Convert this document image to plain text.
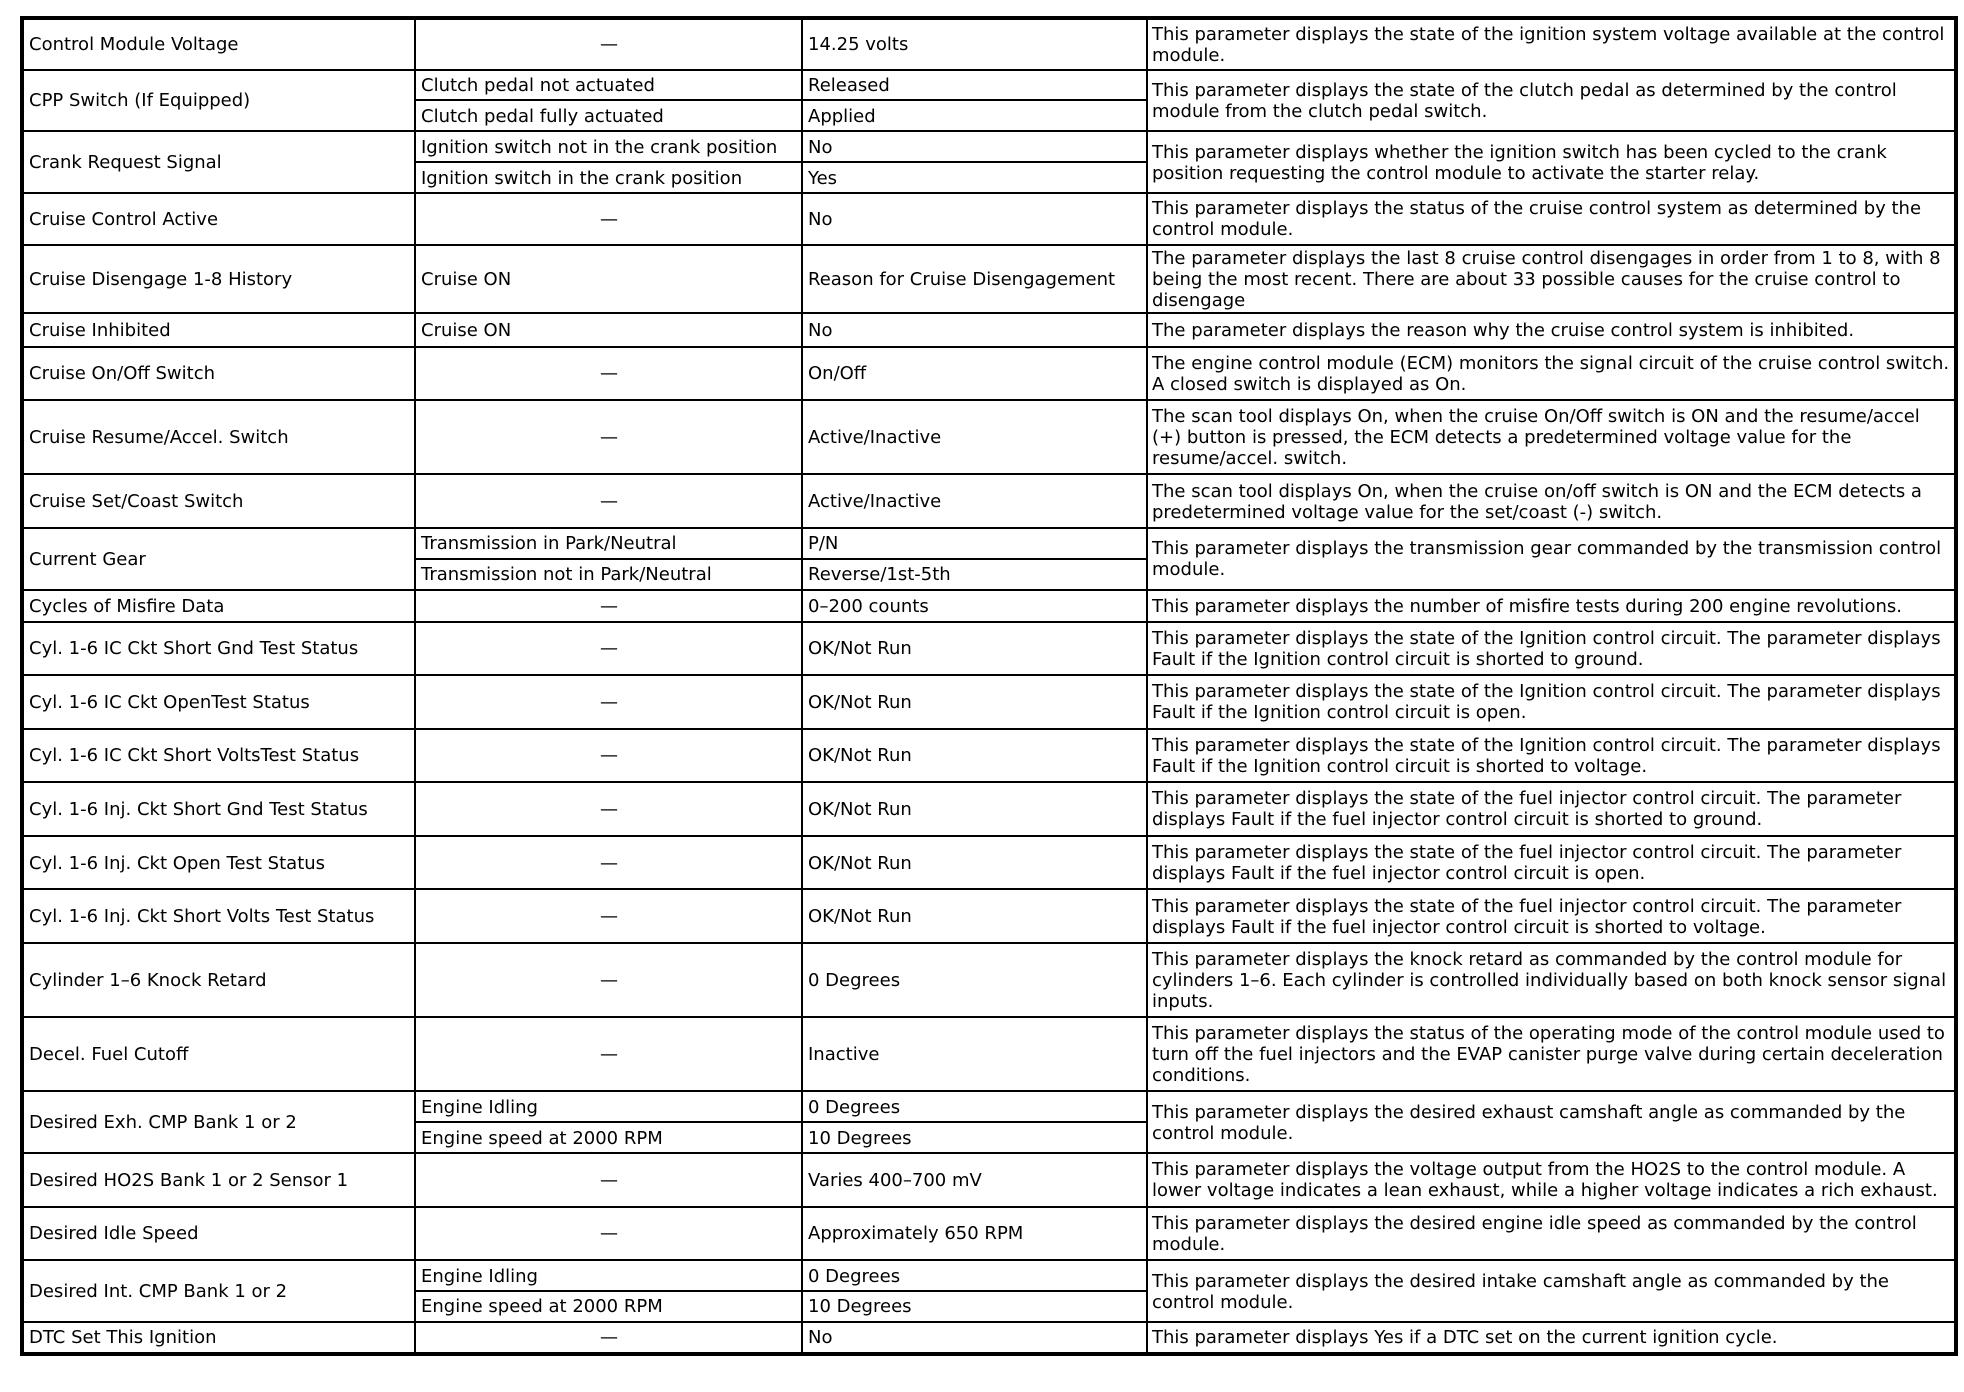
Control Module Voltage	—	14.25 volts	This parameter displays the state of the ignition system voltage available at the control module.
CPP Switch (If Equipped)	Clutch pedal not actuated	Released	This parameter displays the state of the clutch pedal as determined by the control module from the clutch pedal switch.
	Clutch pedal fully actuated	Applied	
Crank Request Signal	Ignition switch not in the crank position	No	This parameter displays whether the ignition switch has been cycled to the crank position requesting the control module to activate the starter relay.
	Ignition switch in the crank position	Yes	
Cruise Control Active	—	No	This parameter displays the status of the cruise control system as determined by the control module.
Cruise Disengage 1-8 History	Cruise ON	Reason for Cruise Disengagement	The parameter displays the last 8 cruise control disengages in order from 1 to 8, with 8 being the most recent. There are about 33 possible causes for the cruise control to disengage
Cruise Inhibited	Cruise ON	No	The parameter displays the reason why the cruise control system is inhibited.
Cruise On/Off Switch	—	On/Off	The engine control module (ECM) monitors the signal circuit of the cruise control switch. A closed switch is displayed as On.
Cruise Resume/Accel. Switch	—	Active/Inactive	The scan tool displays On, when the cruise On/Off switch is ON and the resume/accel (+) button is pressed, the ECM detects a predetermined voltage value for the resume/accel. switch.
Cruise Set/Coast Switch	—	Active/Inactive	The scan tool displays On, when the cruise on/off switch is ON and the ECM detects a predetermined voltage value for the set/coast (-) switch.
Current Gear	Transmission in Park/Neutral	P/N	This parameter displays the transmission gear commanded by the transmission control module.
	Transmission not in Park/Neutral	Reverse/1st-5th	
Cycles of Misfire Data	—	0–200 counts	This parameter displays the number of misfire tests during 200 engine revolutions.
Cyl. 1-6 IC Ckt Short Gnd Test Status	—	OK/Not Run	This parameter displays the state of the Ignition control circuit. The parameter displays Fault if the Ignition control circuit is shorted to ground.
Cyl. 1-6 IC Ckt OpenTest Status	—	OK/Not Run	This parameter displays the state of the Ignition control circuit. The parameter displays Fault if the Ignition control circuit is open.
Cyl. 1-6 IC Ckt Short VoltsTest Status	—	OK/Not Run	This parameter displays the state of the Ignition control circuit. The parameter displays Fault if the Ignition control circuit is shorted to voltage.
Cyl. 1-6 Inj. Ckt Short Gnd Test Status	—	OK/Not Run	This parameter displays the state of the fuel injector control circuit. The parameter displays Fault if the fuel injector control circuit is shorted to ground.
Cyl. 1-6 Inj. Ckt Open Test Status	—	OK/Not Run	This parameter displays the state of the fuel injector control circuit. The parameter displays Fault if the fuel injector control circuit is open.
Cyl. 1-6 Inj. Ckt Short Volts Test Status	—	OK/Not Run	This parameter displays the state of the fuel injector control circuit. The parameter displays Fault if the fuel injector control circuit is shorted to voltage.
Cylinder 1–6 Knock Retard	—	0 Degrees	This parameter displays the knock retard as commanded by the control module for cylinders 1–6. Each cylinder is controlled individually based on both knock sensor signal inputs.
Decel. Fuel Cutoff	—	Inactive	This parameter displays the status of the operating mode of the control module used to turn off the fuel injectors and the EVAP canister purge valve during certain deceleration conditions.
Desired Exh. CMP Bank 1 or 2	Engine Idling	0 Degrees	This parameter displays the desired exhaust camshaft angle as commanded by the control module.
	Engine speed at 2000 RPM	10 Degrees	
Desired HO2S Bank 1 or 2 Sensor 1	—	Varies 400–700 mV	This parameter displays the voltage output from the HO2S to the control module. A lower voltage indicates a lean exhaust, while a higher voltage indicates a rich exhaust.
Desired Idle Speed	—	Approximately 650 RPM	This parameter displays the desired engine idle speed as commanded by the control module.
Desired Int. CMP Bank 1 or 2	Engine Idling	0 Degrees	This parameter displays the desired intake camshaft angle as commanded by the control module.
	Engine speed at 2000 RPM	10 Degrees	
DTC Set This Ignition	—	No	This parameter displays Yes if a DTC set on the current ignition cycle.
